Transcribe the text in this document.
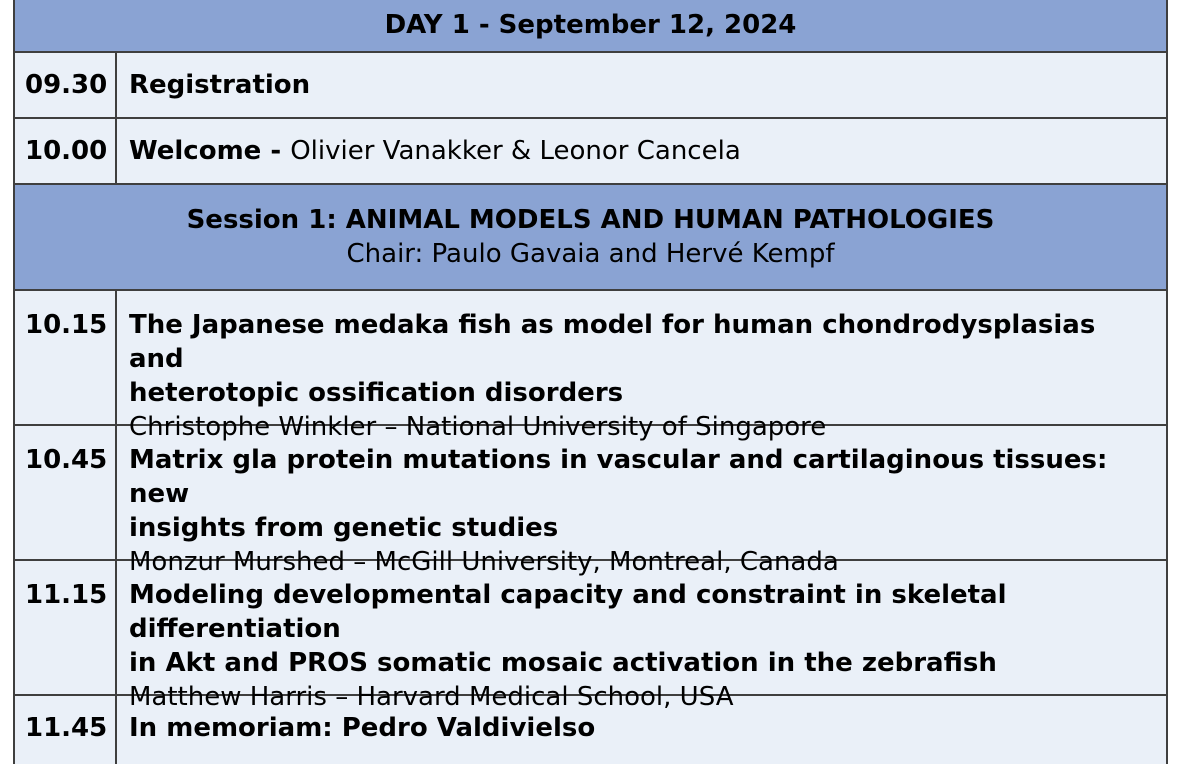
DAY 1 - September 12, 2024
09.30 Registration
10.00 Welcome - Olivier Vanakker & Leonor Cancela
Session 1: ANIMAL MODELS AND HUMAN PATHOLOGIES
Chair: Paulo Gavaia and Hervé Kempf
10.15 The Japanese medaka fish as model for human chondrodysplasias and
heterotopic ossification disorders
Christophe Winkler – National University of Singapore
10.45 Matrix gla protein mutations in vascular and cartilaginous tissues: new
insights from genetic studies
Monzur Murshed – McGill University, Montreal, Canada
11.15 Modeling developmental capacity and constraint in skeletal differentiation
in Akt and PROS somatic mosaic activation in the zebrafish
Matthew Harris – Harvard Medical School, USA
11.45 In memoriam: Pedro Valdivielso
